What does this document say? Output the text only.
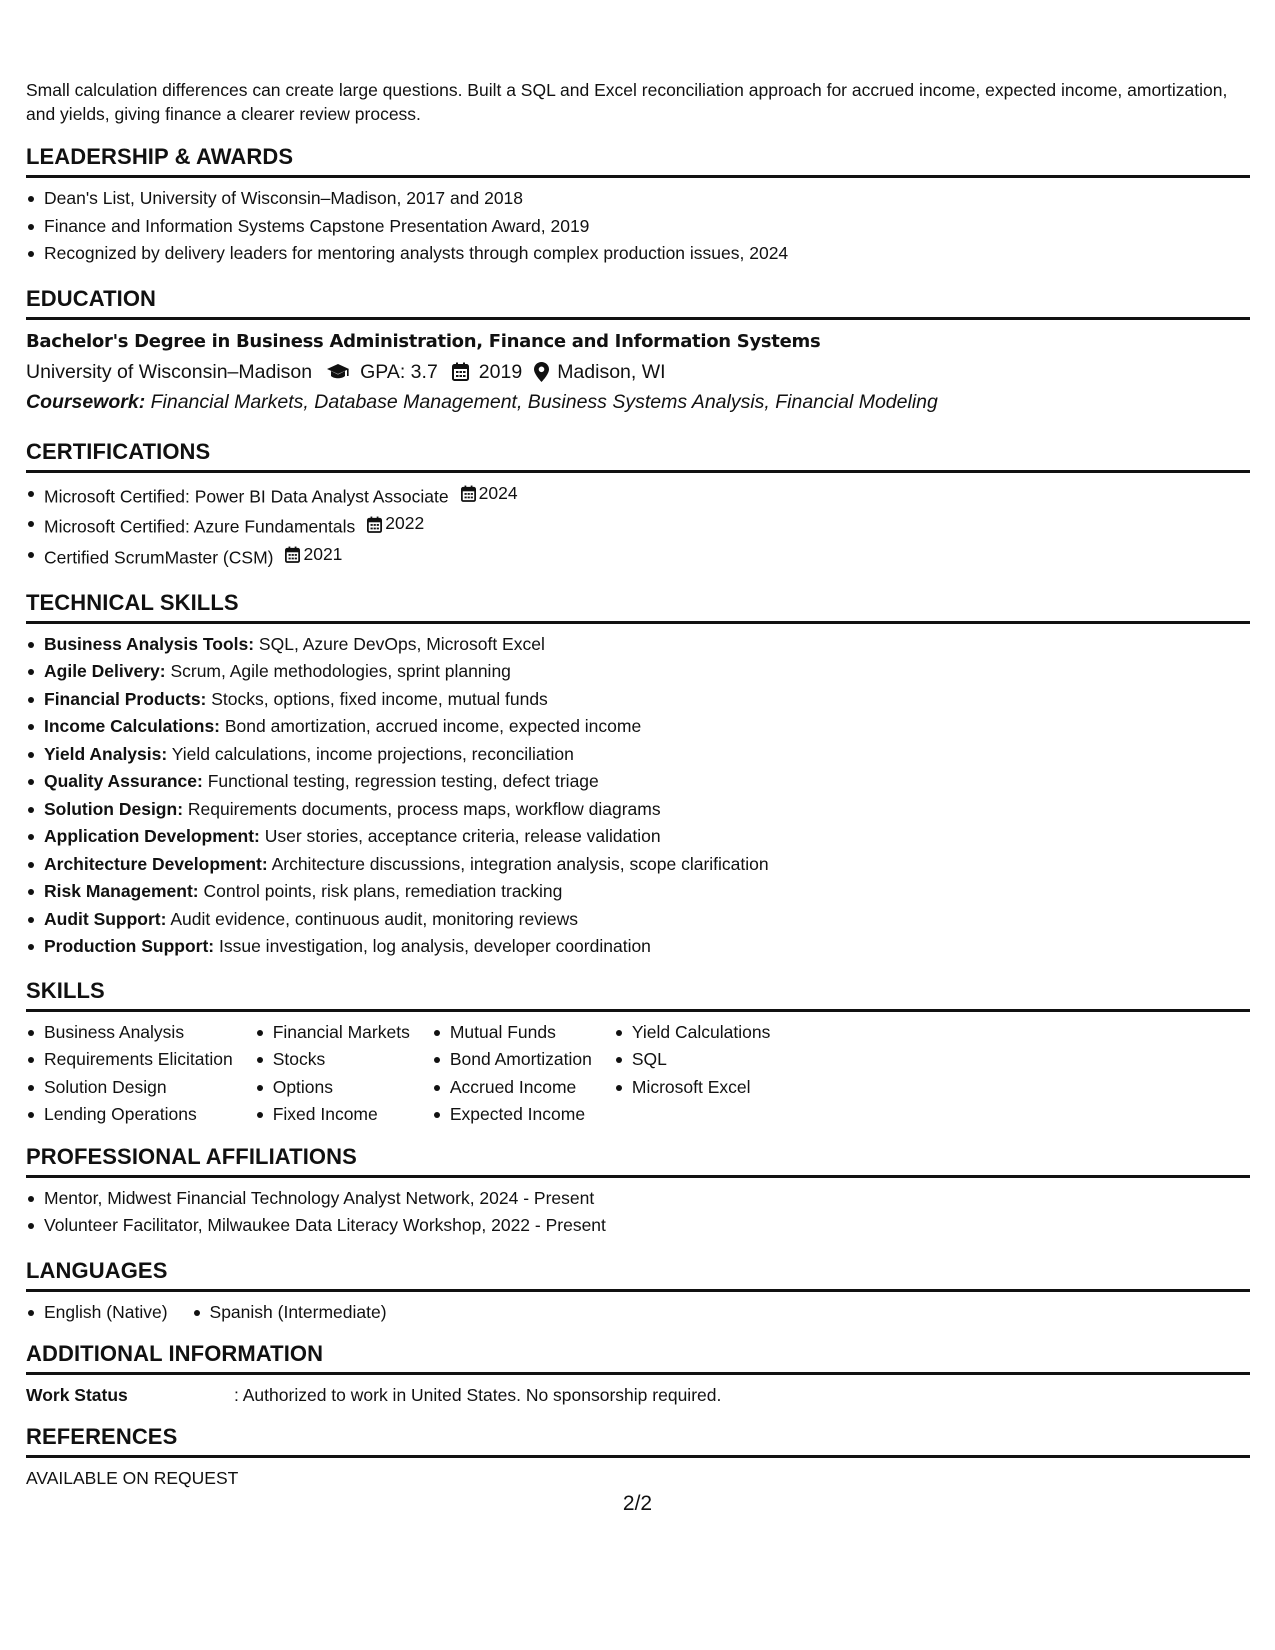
Small calculation differences can create large questions. Built a SQL and Excel reconciliation approach for accrued income, expected income, amortization, and yields, giving finance a clearer review process.
LEADERSHIP & AWARDS
Dean's List, University of Wisconsin–Madison, 2017 and 2018
Finance and Information Systems Capstone Presentation Award, 2019
Recognized by delivery leaders for mentoring analysts through complex production issues, 2024
EDUCATION
Bachelor's Degree in Business Administration, Finance and Information Systems
University of Wisconsin–Madison GPA: 3.7 2019 Madison, WI
Coursework: Financial Markets, Database Management, Business Systems Analysis, Financial Modeling
CERTIFICATIONS
Microsoft Certified: Power BI Data Analyst Associate 2024
Microsoft Certified: Azure Fundamentals 2022
Certified ScrumMaster (CSM) 2021
TECHNICAL SKILLS
Business Analysis Tools: SQL, Azure DevOps, Microsoft Excel
Agile Delivery: Scrum, Agile methodologies, sprint planning
Financial Products: Stocks, options, fixed income, mutual funds
Income Calculations: Bond amortization, accrued income, expected income
Yield Analysis: Yield calculations, income projections, reconciliation
Quality Assurance: Functional testing, regression testing, defect triage
Solution Design: Requirements documents, process maps, workflow diagrams
Application Development: User stories, acceptance criteria, release validation
Architecture Development: Architecture discussions, integration analysis, scope clarification
Risk Management: Control points, risk plans, remediation tracking
Audit Support: Audit evidence, continuous audit, monitoring reviews
Production Support: Issue investigation, log analysis, developer coordination
SKILLS
Business Analysis
Requirements Elicitation
Solution Design
Lending Operations
Financial Markets
Stocks
Options
Fixed Income
Mutual Funds
Bond Amortization
Accrued Income
Expected Income
Yield Calculations
SQL
Microsoft Excel
PROFESSIONAL AFFILIATIONS
Mentor, Midwest Financial Technology Analyst Network, 2024 - Present
Volunteer Facilitator, Milwaukee Data Literacy Workshop, 2022 - Present
LANGUAGES
English (Native) Spanish (Intermediate)
ADDITIONAL INFORMATION
Work Status	: Authorized to work in United States. No sponsorship required.
REFERENCES
AVAILABLE ON REQUEST
2/2
